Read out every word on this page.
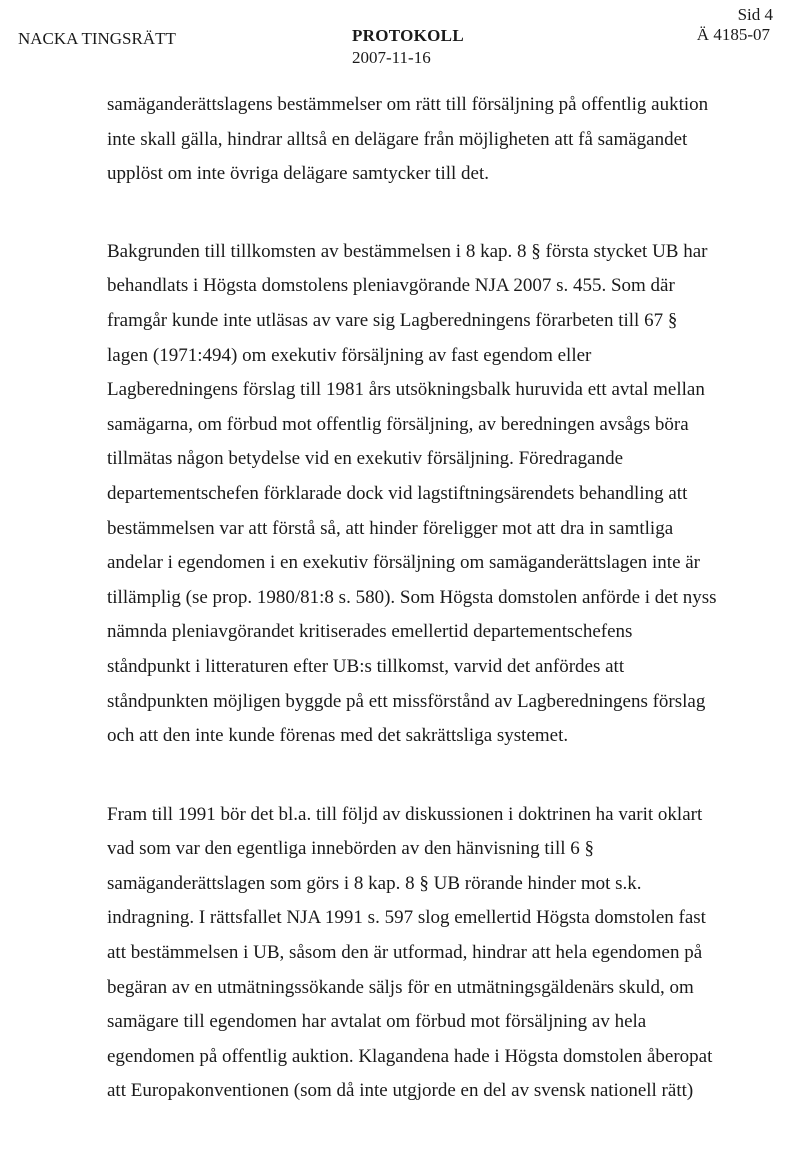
NACKA TINGSRÄTT	PROTOKOLL
2007-11-16
Sid 4
Ä 4185-07

samäganderättslagens bestämmelser om rätt till försäljning på offentlig auktion
inte skall gälla, hindrar alltså en delägare från möjligheten att få samägandet
upplöst om inte övriga delägare samtycker till det.

Bakgrunden till tillkomsten av bestämmelsen i 8 kap. 8 § första stycket UB har
behandlats i Högsta domstolens pleniavgörande NJA 2007 s. 455. Som där
framgår kunde inte utläsas av vare sig Lagberedningens förarbeten till 67 §
lagen (1971:494) om exekutiv försäljning av fast egendom eller
Lagberedningens förslag till 1981 års utsökningsbalk huruvida ett avtal mellan
samägarna, om förbud mot offentlig försäljning, av beredningen avsågs böra
tillmätas någon betydelse vid en exekutiv försäljning. Föredragande
departementschefen förklarade dock vid lagstiftningsärendets behandling att
bestämmelsen var att förstå så, att hinder föreligger mot att dra in samtliga
andelar i egendomen i en exekutiv försäljning om samäganderättslagen inte är
tillämplig (se prop. 1980/81:8 s. 580). Som Högsta domstolen anförde i det nyss
nämnda pleniavgörandet kritiserades emellertid departementschefens
ståndpunkt i litteraturen efter UB:s tillkomst, varvid det anfördes att
ståndpunkten möjligen byggde på ett missförstånd av Lagberedningens förslag
och att den inte kunde förenas med det sakrättsliga systemet.

Fram till 1991 bör det bl.a. till följd av diskussionen i doktrinen ha varit oklart
vad som var den egentliga innebörden av den hänvisning till 6 §
samäganderättslagen som görs i 8 kap. 8 § UB rörande hinder mot s.k.
indragning. I rättsfallet NJA 1991 s. 597 slog emellertid Högsta domstolen fast
att bestämmelsen i UB, såsom den är utformad, hindrar att hela egendomen på
begäran av en utmätningssökande säljs för en utmätningsgäldenärs skuld, om
samägare till egendomen har avtalat om förbud mot försäljning av hela
egendomen på offentlig auktion. Klagandena hade i Högsta domstolen åberopat
att Europakonventionen (som då inte utgjorde en del av svensk nationell rätt)
